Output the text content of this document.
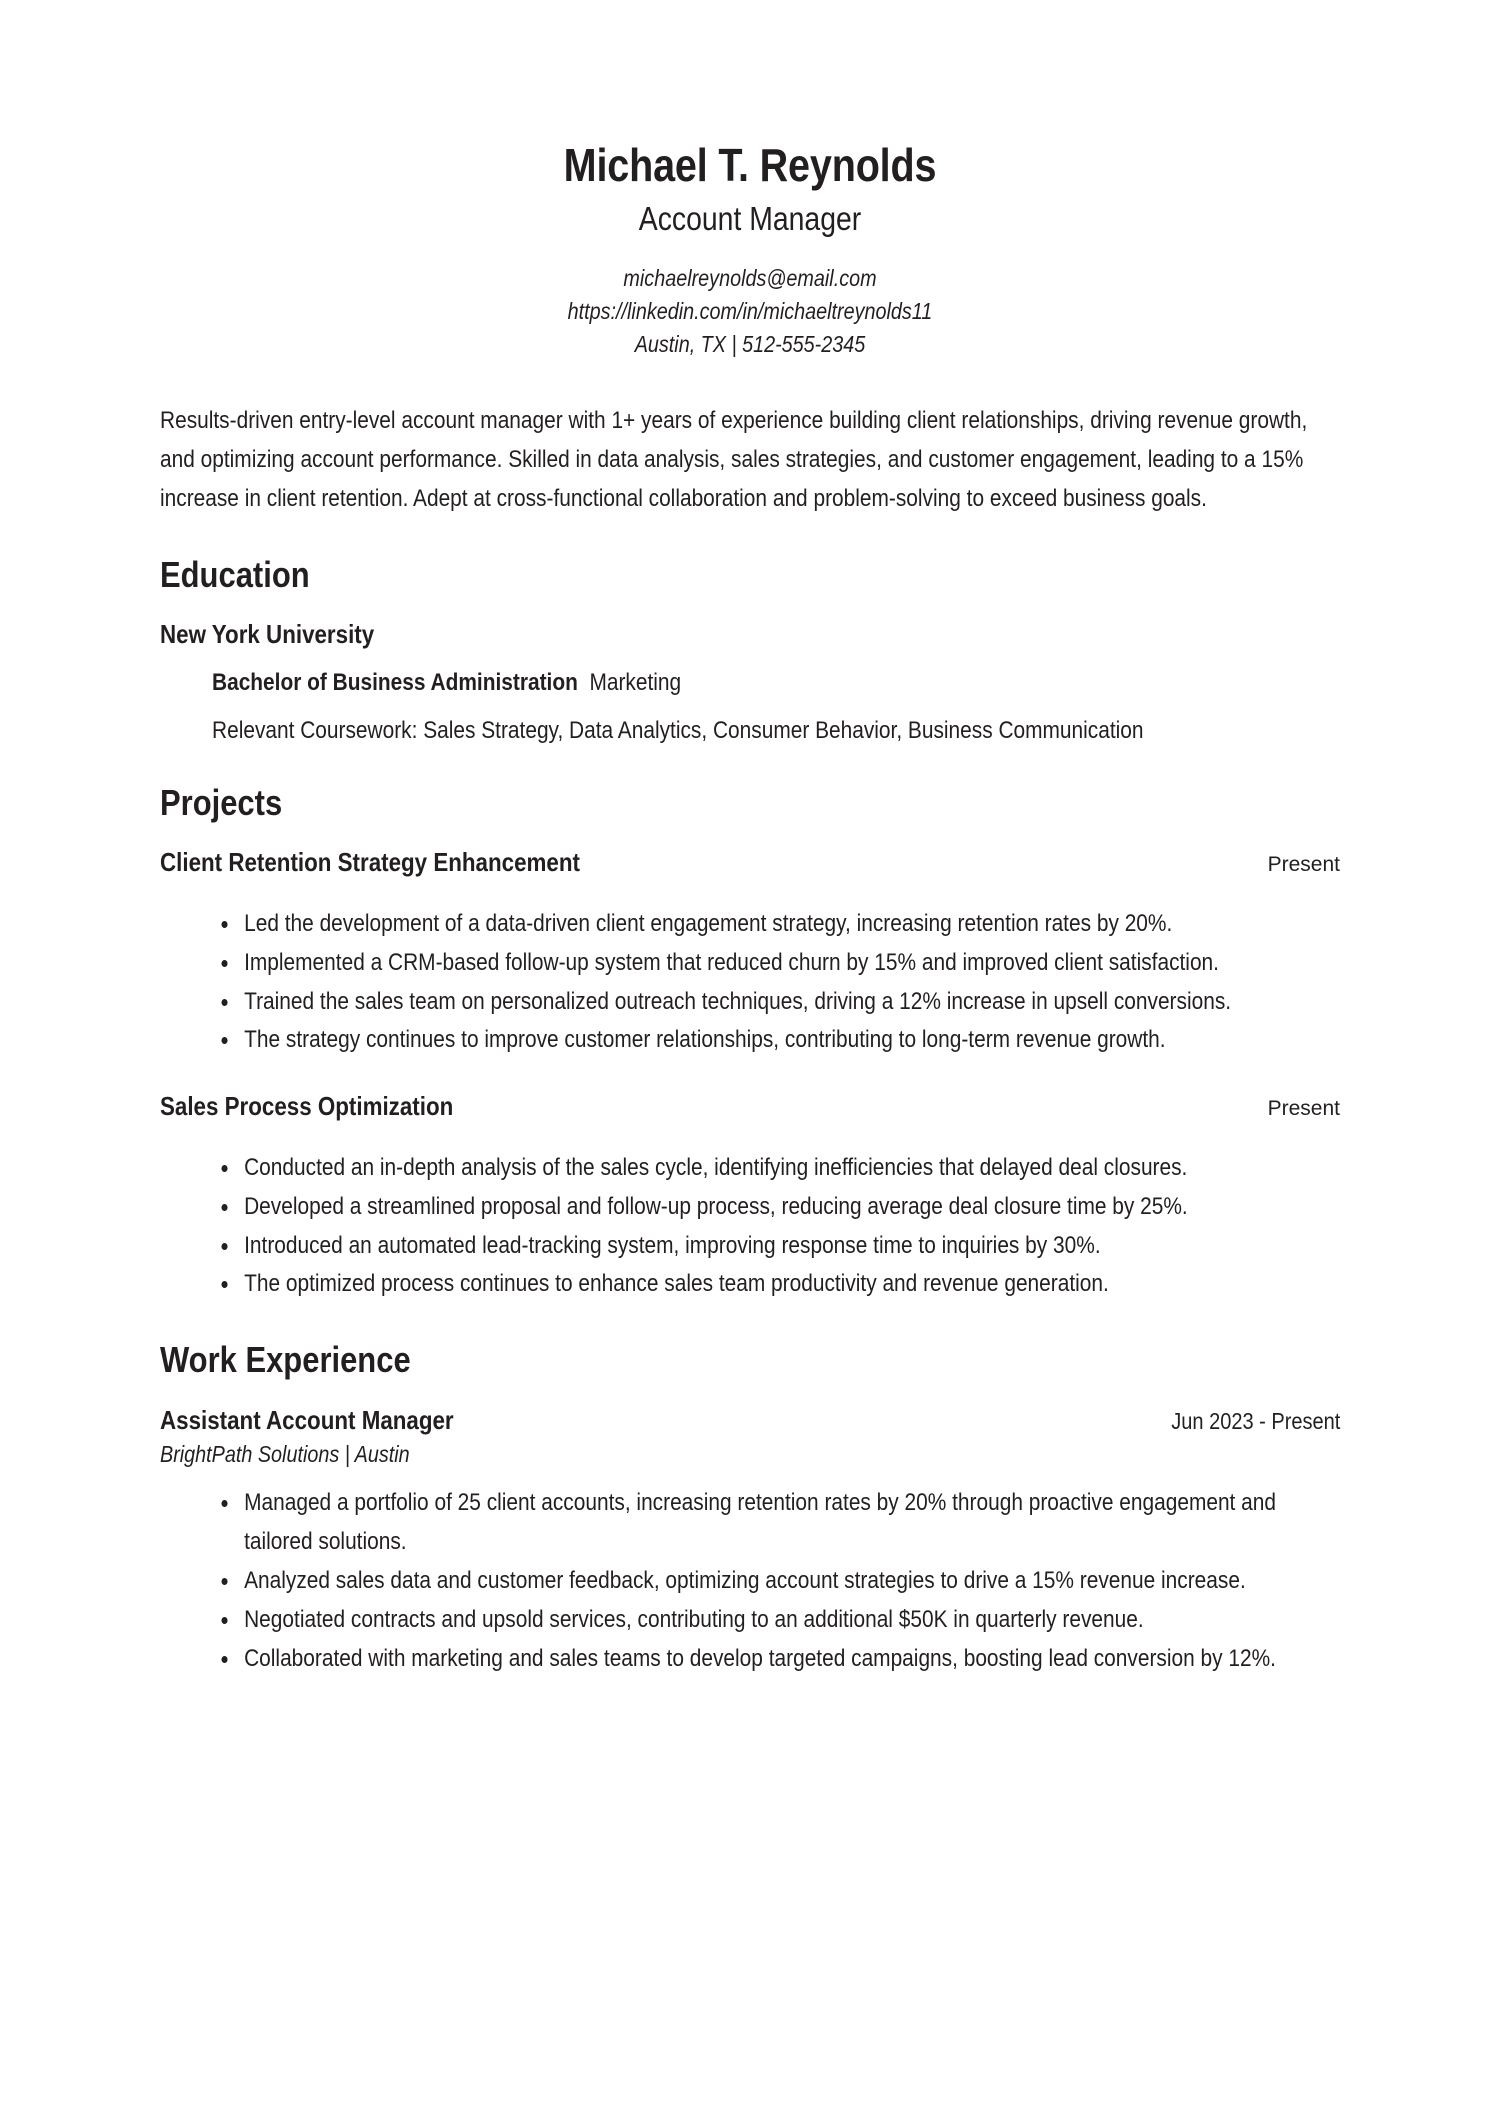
Michael T. Reynolds
Account Manager
michaelreynolds@email.com
https://linkedin.com/in/michaeltreynolds11
Austin, TX | 512-555-2345
Results-driven entry-level account manager with 1+ years of experience building client relationships, driving revenue growth, and optimizing account performance. Skilled in data analysis, sales strategies, and customer engagement, leading to a 15% increase in client retention. Adept at cross-functional collaboration and problem-solving to exceed business goals.
Education
New York University
Bachelor of Business Administration Marketing
Relevant Coursework: Sales Strategy, Data Analytics, Consumer Behavior, Business Communication
Projects
Client Retention Strategy Enhancement	Present
Led the development of a data-driven client engagement strategy, increasing retention rates by 20%.
Implemented a CRM-based follow-up system that reduced churn by 15% and improved client satisfaction.
Trained the sales team on personalized outreach techniques, driving a 12% increase in upsell conversions.
The strategy continues to improve customer relationships, contributing to long-term revenue growth.
Sales Process Optimization	Present
Conducted an in-depth analysis of the sales cycle, identifying inefficiencies that delayed deal closures.
Developed a streamlined proposal and follow-up process, reducing average deal closure time by 25%.
Introduced an automated lead-tracking system, improving response time to inquiries by 30%.
The optimized process continues to enhance sales team productivity and revenue generation.
Work Experience
Assistant Account Manager	Jun 2023 - Present
BrightPath Solutions | Austin
Managed a portfolio of 25 client accounts, increasing retention rates by 20% through proactive engagement and tailored solutions.
Analyzed sales data and customer feedback, optimizing account strategies to drive a 15% revenue increase.
Negotiated contracts and upsold services, contributing to an additional $50K in quarterly revenue.
Collaborated with marketing and sales teams to develop targeted campaigns, boosting lead conversion by 12%.
